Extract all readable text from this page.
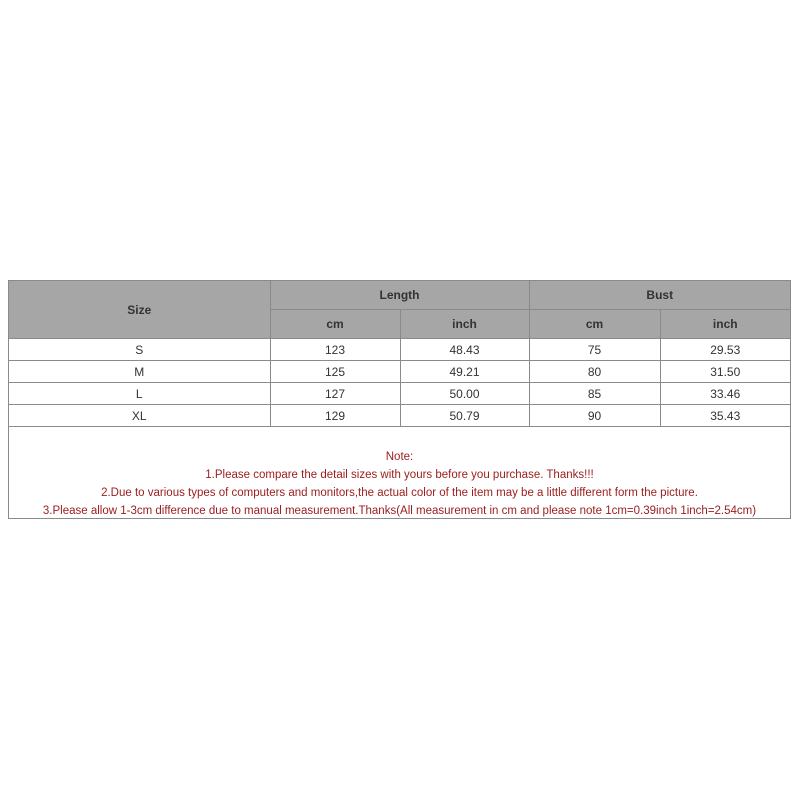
Size	Length		Bust	
	cm	inch	cm	inch
S	123	48.43	75	29.53
M	125	49.21	80	31.50
L	127	50.00	85	33.46
XL	129	50.79	90	35.43
Note:
1.Please compare the detail sizes with yours before you purchase. Thanks!!!
2.Due to various types of computers and monitors,the actual color of the item may be a little different form the picture.
3.Please allow 1-3cm difference due to manual measurement.Thanks(All measurement in cm and please note 1cm=0.39inch 1inch=2.54cm)
